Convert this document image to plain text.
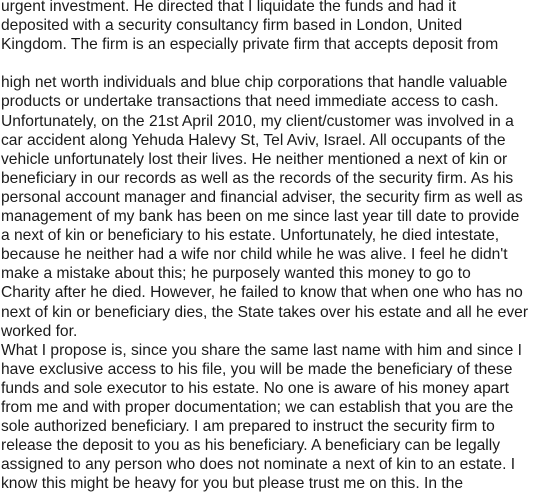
urgent investment. He directed that I liquidate the funds and had it
deposited with a security consultancy firm based in London, United
Kingdom. The firm is an especially private firm that accepts deposit from
high net worth individuals and blue chip corporations that handle valuable
products or undertake transactions that need immediate access to cash.
Unfortunately, on the 21st April 2010, my client/customer was involved in a
car accident along Yehuda Halevy St, Tel Aviv, Israel. All occupants of the
vehicle unfortunately lost their lives. He neither mentioned a next of kin or
beneficiary in our records as well as the records of the security firm. As his
personal account manager and financial adviser, the security firm as well as
management of my bank has been on me since last year till date to provide
a next of kin or beneficiary to his estate. Unfortunately, he died intestate,
because he neither had a wife nor child while he was alive. I feel he didn't
make a mistake about this; he purposely wanted this money to go to
Charity after he died. However, he failed to know that when one who has no
next of kin or beneficiary dies, the State takes over his estate and all he ever
worked for.
What I propose is, since you share the same last name with him and since I
have exclusive access to his file, you will be made the beneficiary of these
funds and sole executor to his estate. No one is aware of his money apart
from me and with proper documentation; we can establish that you are the
sole authorized beneficiary. I am prepared to instruct the security firm to
release the deposit to you as his beneficiary. A beneficiary can be legally
assigned to any person who does not nominate a next of kin to an estate. I
know this might be heavy for you but please trust me on this. In the
